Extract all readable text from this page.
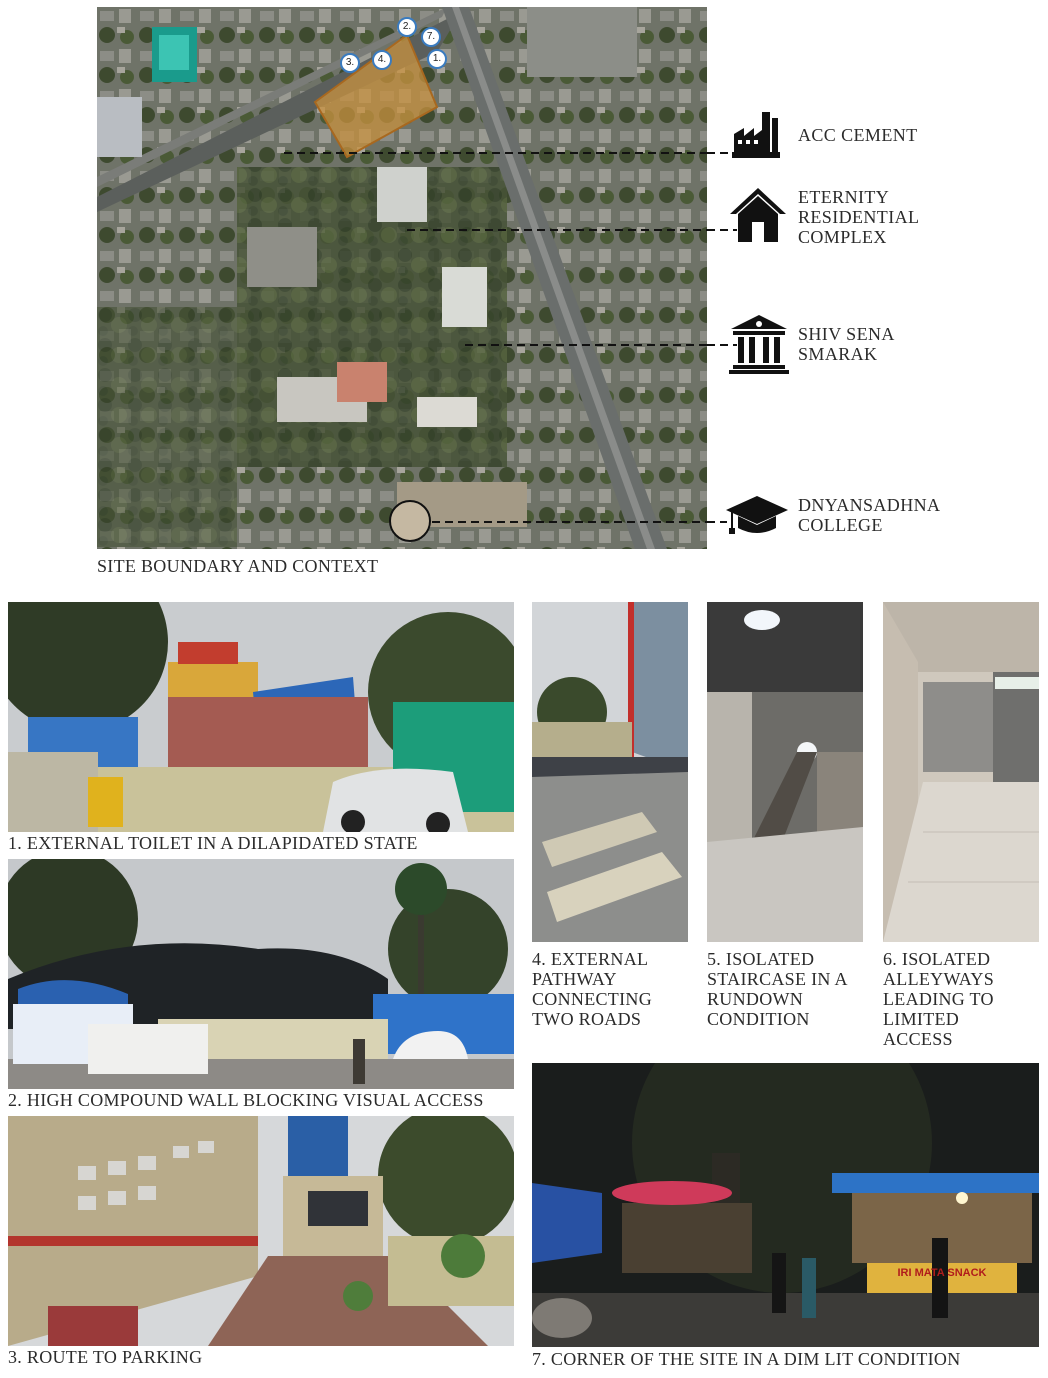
2.
7.
3.	4.	1.
ACC CEMENT
ETERNITY
RESIDENTIAL
COMPLEX
SHIV SENA
SMARAK
DNYANSADHNA
COLLEGE
SITE BOUNDARY AND CONTEXT
1. EXTERNAL TOILET IN A DILAPIDATED STATE
2. HIGH COMPOUND WALL BLOCKING VISUAL ACCESS
3. ROUTE TO PARKING
4. EXTERNAL
PATHWAY
CONNECTING
TWO ROADS
5. ISOLATED
STAIRCASE IN A
RUNDOWN
CONDITION
6. ISOLATED
ALLEYWAYS
LEADING TO
LIMITED
ACCESS
IRI MATA SNACK
7. CORNER OF THE SITE IN A DIM LIT CONDITION
